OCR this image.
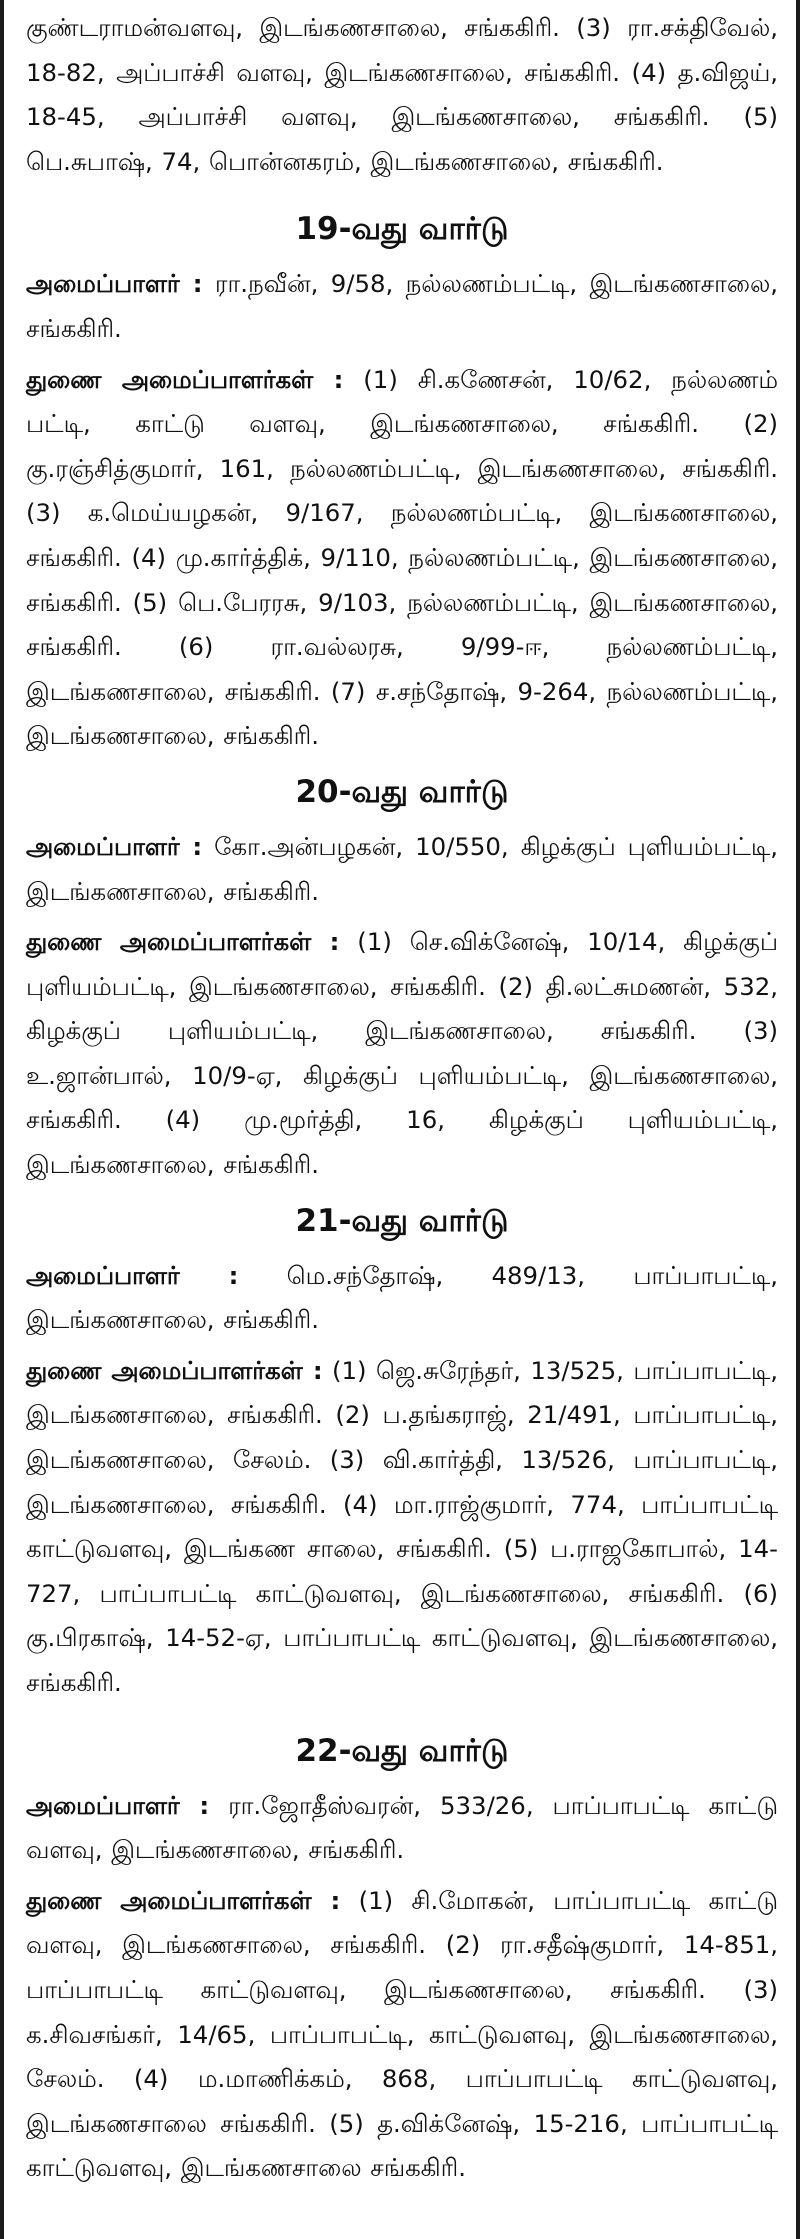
குண்டராமன்வளவு, இடங்கணசாலை, சங்ககிரி. (3) ரா.சக்திவேல், 18-82, அப்பாச்சி வளவு, இடங்கணசாலை, சங்ககிரி. (4) த.விஜய், 18-45, அப்பாச்சி வளவு, இடங்கணசாலை, சங்ககிரி. (5) பெ.சுபாஷ், 74, பொன்னகரம், இடங்கணசாலை, சங்ககிரி.

19-வது வார்டு

அமைப்பாளர் : ரா.நவீன், 9/58, நல்லணம்பட்டி, இடங்கணசாலை, சங்ககிரி.

துணை அமைப்பாளர்கள் : (1) சி.கணேசன், 10/62, நல்லணம் பட்டி, காட்டு வளவு, இடங்கணசாலை, சங்ககிரி. (2) கு.ரஞ்சித்குமார், 161, நல்லணம்பட்டி, இடங்கணசாலை, சங்ககிரி. (3) க.மெய்யழகன், 9/167, நல்லணம்பட்டி, இடங்கணசாலை, சங்ககிரி. (4) மு.கார்த்திக், 9/110, நல்லணம்பட்டி, இடங்கணசாலை, சங்ககிரி. (5) பெ.பேரரசு, 9/103, நல்லணம்பட்டி, இடங்கணசாலை, சங்ககிரி. (6) ரா.வல்லரசு, 9/99-ஈ, நல்லணம்பட்டி, இடங்கணசாலை, சங்ககிரி. (7) ச.சந்தோஷ், 9-264, நல்லணம்பட்டி, இடங்கணசாலை, சங்ககிரி.

20-வது வார்டு

அமைப்பாளர் : கோ.அன்பழகன், 10/550, கிழக்குப் புளியம்பட்டி, இடங்கணசாலை, சங்ககிரி.

துணை அமைப்பாளர்கள் : (1) செ.விக்னேஷ், 10/14, கிழக்குப் புளியம்பட்டி, இடங்கணசாலை, சங்ககிரி. (2) தி.லட்சுமணன், 532, கிழக்குப் புளியம்பட்டி, இடங்கணசாலை, சங்ககிரி. (3) உ.ஜான்பால், 10/9-ஏ, கிழக்குப் புளியம்பட்டி, இடங்கணசாலை, சங்ககிரி. (4) மு.மூர்த்தி, 16, கிழக்குப் புளியம்பட்டி, இடங்கணசாலை, சங்ககிரி.

21-வது வார்டு

அமைப்பாளர் : மெ.சந்தோஷ், 489/13, பாப்பாபட்டி, இடங்கணசாலை, சங்ககிரி.

துணை அமைப்பாளர்கள் : (1) ஜெ.சுரேந்தர், 13/525, பாப்பாபட்டி, இடங்கணசாலை, சங்ககிரி. (2) ப.தங்கராஜ், 21/491, பாப்பாபட்டி, இடங்கணசாலை, சேலம். (3) வி.கார்த்தி, 13/526, பாப்பாபட்டி, இடங்கணசாலை, சங்ககிரி. (4) மா.ராஜ்குமார், 774, பாப்பாபட்டி காட்டுவளவு, இடங்கண சாலை, சங்ககிரி. (5) ப.ராஜகோபால், 14-727, பாப்பாபட்டி காட்டுவளவு, இடங்கணசாலை, சங்ககிரி. (6) கு.பிரகாஷ், 14-52-ஏ, பாப்பாபட்டி காட்டுவளவு, இடங்கணசாலை, சங்ககிரி.

22-வது வார்டு

அமைப்பாளர் : ரா.ஜோதீஸ்வரன், 533/26, பாப்பாபட்டி காட்டு வளவு, இடங்கணசாலை, சங்ககிரி.

துணை அமைப்பாளர்கள் : (1) சி.மோகன், பாப்பாபட்டி காட்டு வளவு, இடங்கணசாலை, சங்ககிரி. (2) ரா.சதீஷ்குமார், 14-851, பாப்பாபட்டி காட்டுவளவு, இடங்கணசாலை, சங்ககிரி. (3) க.சிவசங்கர், 14/65, பாப்பாபட்டி, காட்டுவளவு, இடங்கணசாலை, சேலம். (4) ம.மாணிக்கம், 868, பாப்பாபட்டி காட்டுவளவு, இடங்கணசாலை சங்ககிரி. (5) த.விக்னேஷ், 15-216, பாப்பாபட்டி காட்டுவளவு, இடங்கணசாலை சங்ககிரி.
